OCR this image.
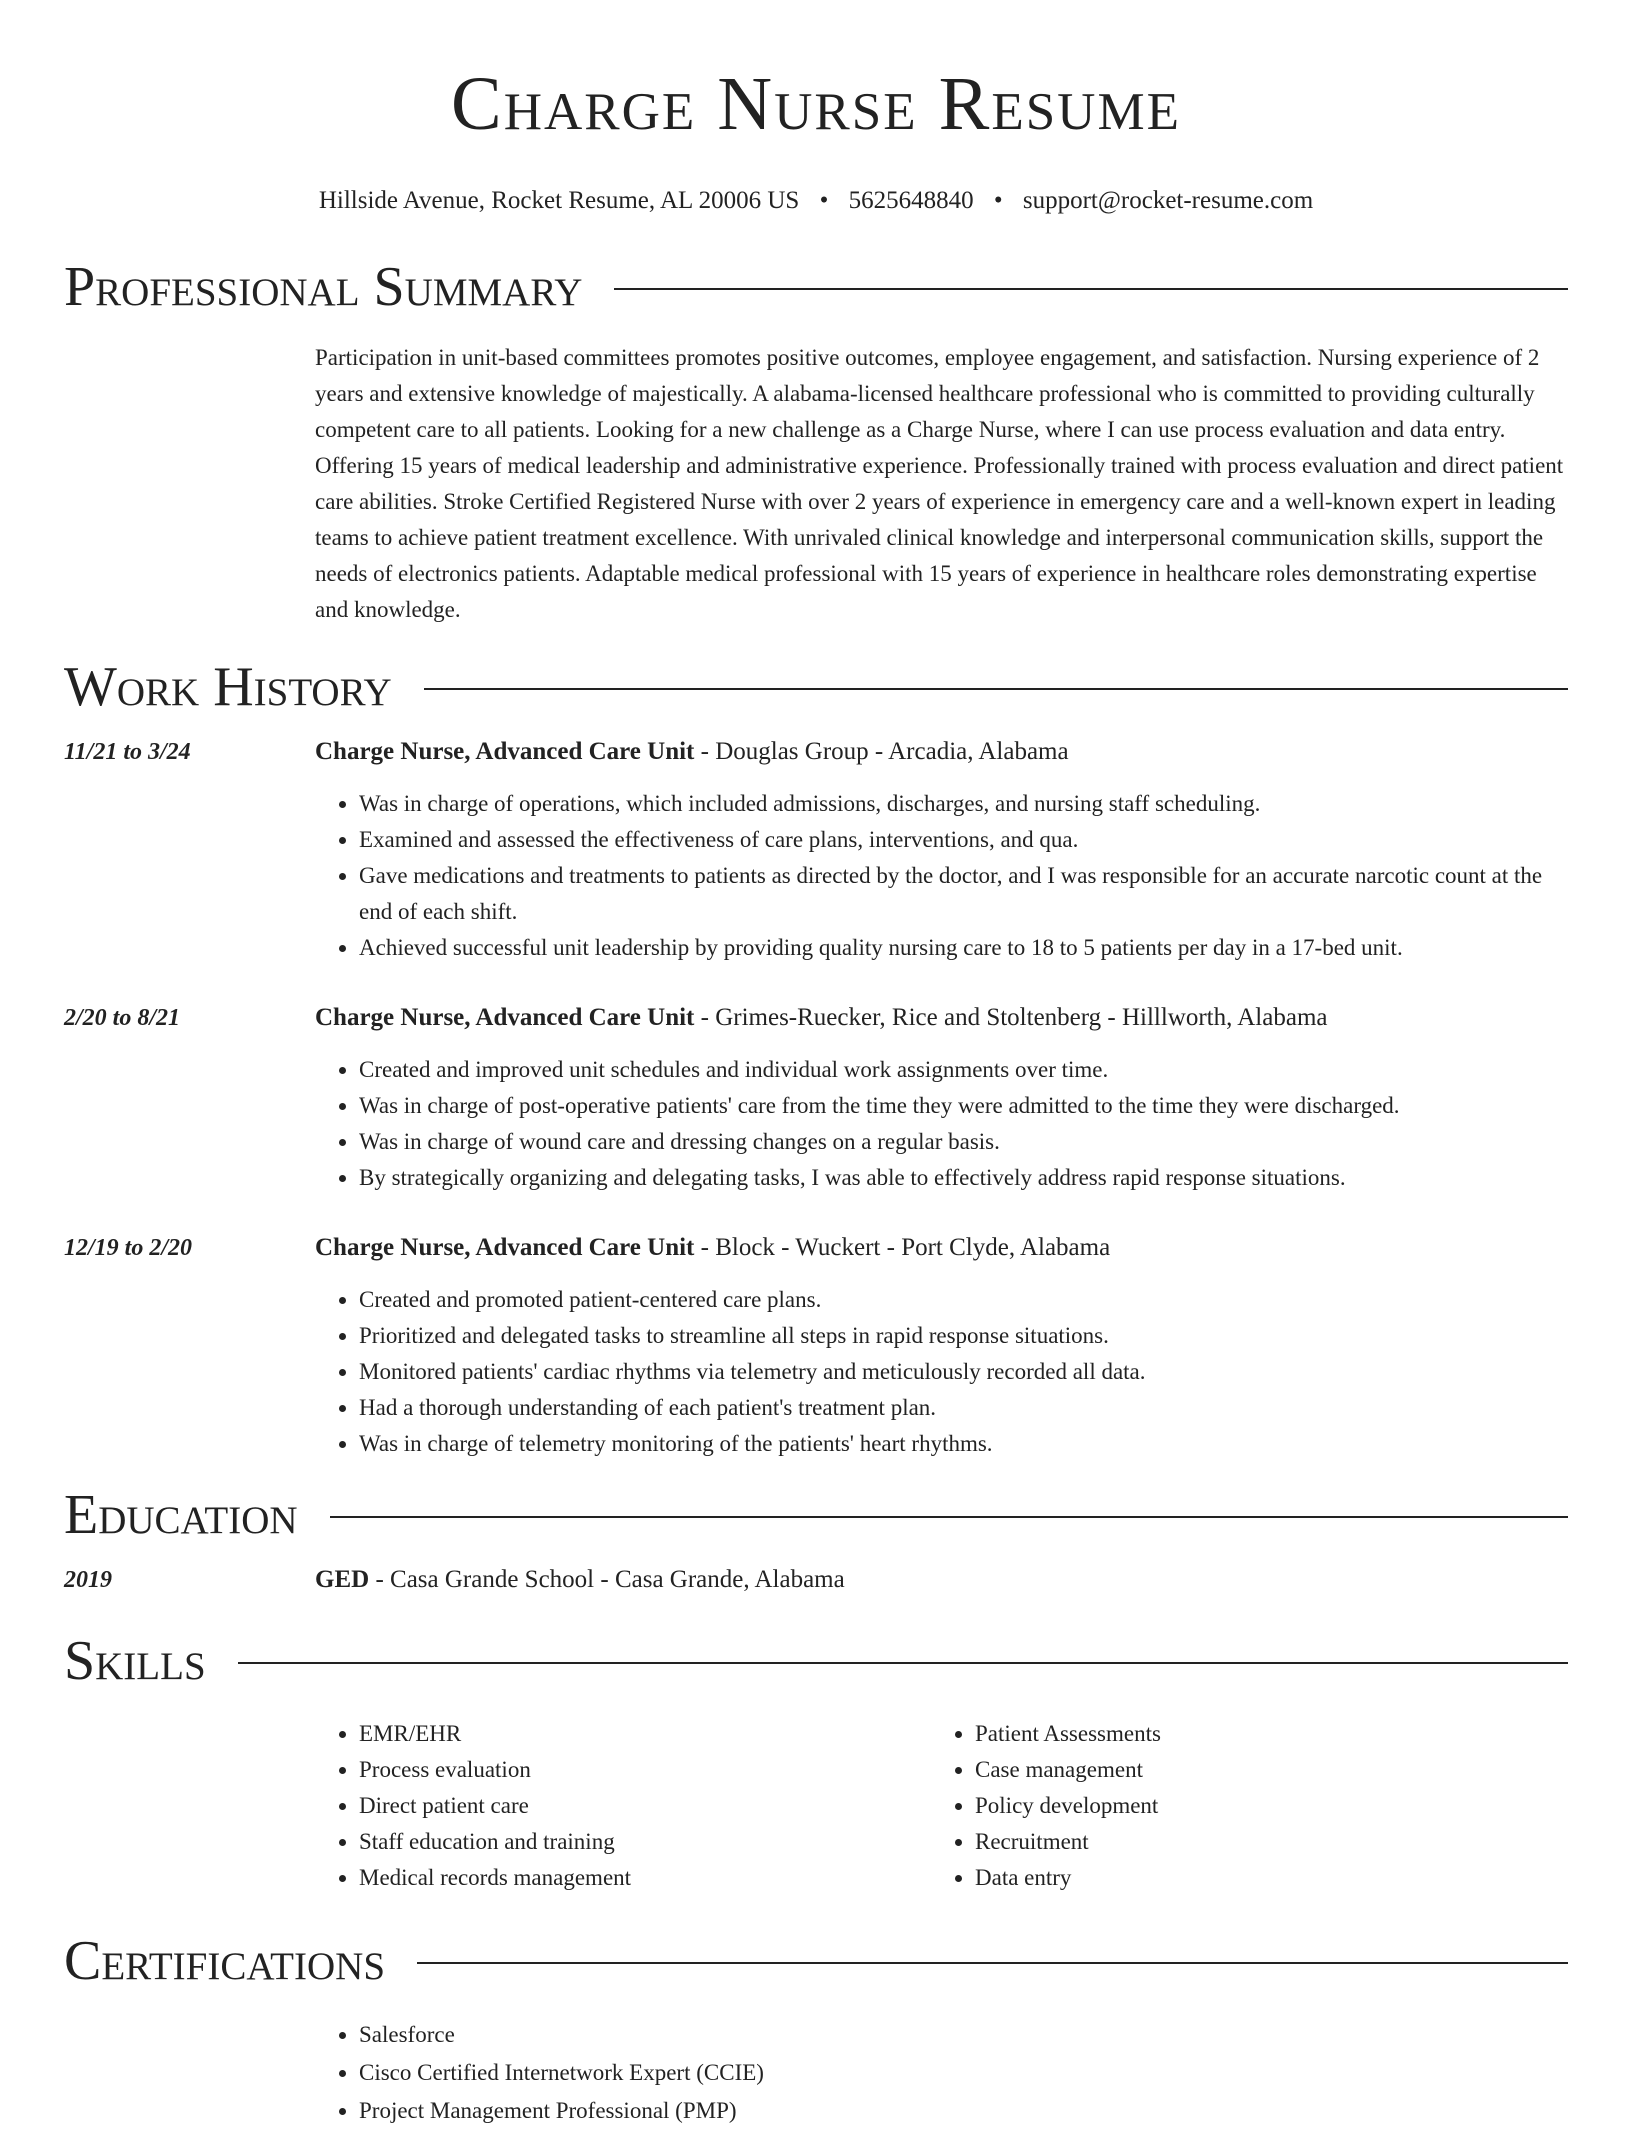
Charge Nurse Resume
Hillside Avenue, Rocket Resume, AL 20006 US • 5625648840 • support@rocket-resume.com
Professional Summary
Participation in unit-based committees promotes positive outcomes, employee engagement, and satisfaction. Nursing experience of 2 years and extensive knowledge of majestically. A alabama-licensed healthcare professional who is committed to providing culturally competent care to all patients. Looking for a new challenge as a Charge Nurse, where I can use process evaluation and data entry. Offering 15 years of medical leadership and administrative experience. Professionally trained with process evaluation and direct patient care abilities. Stroke Certified Registered Nurse with over 2 years of experience in emergency care and a well-known expert in leading teams to achieve patient treatment excellence. With unrivaled clinical knowledge and interpersonal communication skills, support the needs of electronics patients. Adaptable medical professional with 15 years of experience in healthcare roles demonstrating expertise and knowledge.
Work History
11/21 to 3/24	Charge Nurse, Advanced Care Unit - Douglas Group - Arcadia, Alabama
• Was in charge of operations, which included admissions, discharges, and nursing staff scheduling.
• Examined and assessed the effectiveness of care plans, interventions, and qua.
• Gave medications and treatments to patients as directed by the doctor, and I was responsible for an accurate narcotic count at the end of each shift.
• Achieved successful unit leadership by providing quality nursing care to 18 to 5 patients per day in a 17-bed unit.
2/20 to 8/21	Charge Nurse, Advanced Care Unit - Grimes-Ruecker, Rice and Stoltenberg - Hilllworth, Alabama
• Created and improved unit schedules and individual work assignments over time.
• Was in charge of post-operative patients' care from the time they were admitted to the time they were discharged.
• Was in charge of wound care and dressing changes on a regular basis.
• By strategically organizing and delegating tasks, I was able to effectively address rapid response situations.
12/19 to 2/20	Charge Nurse, Advanced Care Unit - Block - Wuckert - Port Clyde, Alabama
• Created and promoted patient-centered care plans.
• Prioritized and delegated tasks to streamline all steps in rapid response situations.
• Monitored patients' cardiac rhythms via telemetry and meticulously recorded all data.
• Had a thorough understanding of each patient's treatment plan.
• Was in charge of telemetry monitoring of the patients' heart rhythms.
Education
2019	GED - Casa Grande School - Casa Grande, Alabama
Skills
• EMR/EHR
• Process evaluation
• Direct patient care
• Staff education and training
• Medical records management
• Patient Assessments
• Case management
• Policy development
• Recruitment
• Data entry
Certifications
• Salesforce
• Cisco Certified Internetwork Expert (CCIE)
• Project Management Professional (PMP)
